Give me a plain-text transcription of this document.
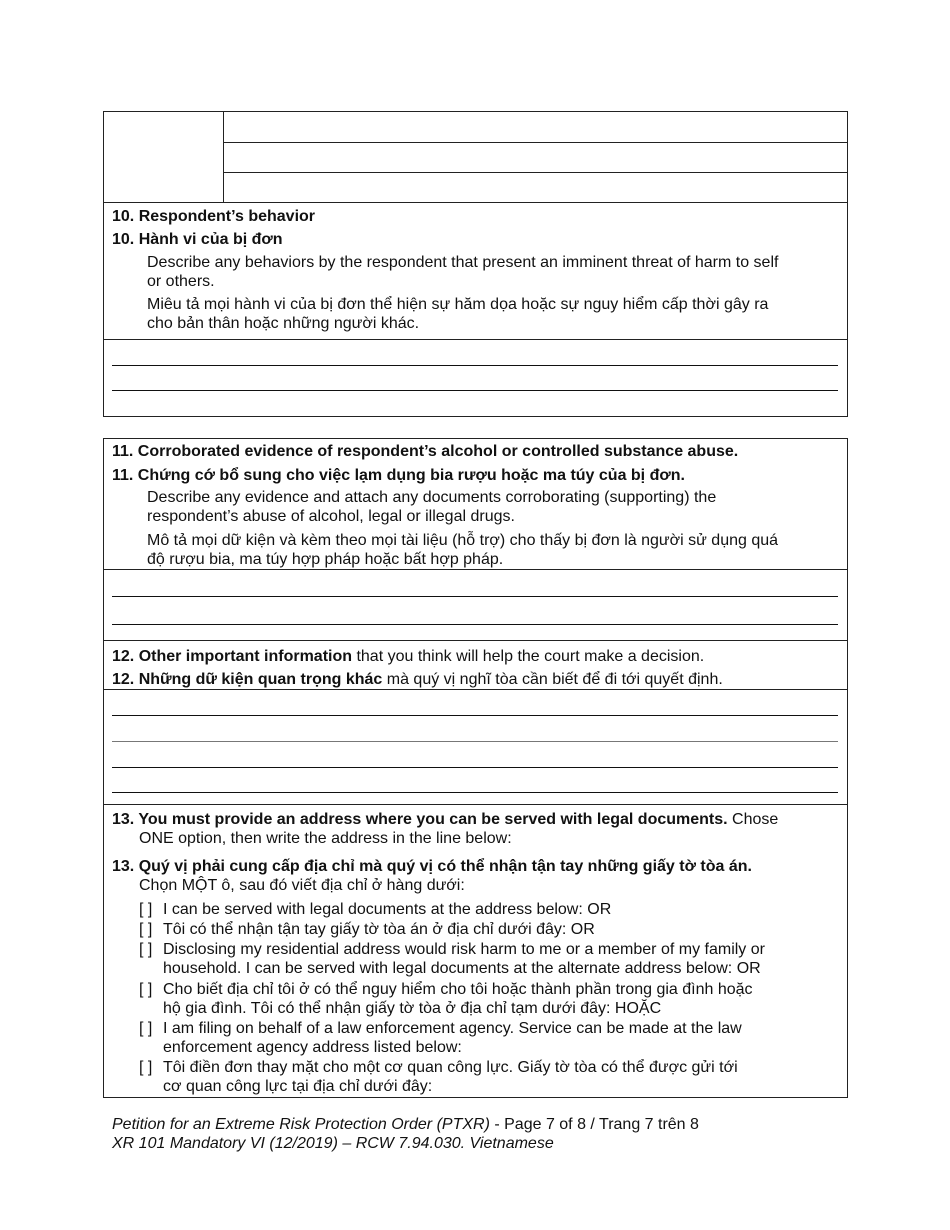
10. Respondent’s behavior
10. Hành vi của bị đơn
Describe any behaviors by the respondent that present an imminent threat of harm to self
or others.
Miêu tả mọi hành vi của bị đơn thể hiện sự hăm dọa hoặc sự nguy hiểm cấp thời gây ra
cho bản thân hoặc những người khác.
11. Corroborated evidence of respondent’s alcohol or controlled substance abuse.
11. Chứng cớ bổ sung cho việc lạm dụng bia rượu hoặc ma túy của bị đơn.
Describe any evidence and attach any documents corroborating (supporting) the
respondent’s abuse of alcohol, legal or illegal drugs.
Mô tả mọi dữ kiện và kèm theo mọi tài liệu (hỗ trợ) cho thấy bị đơn là người sử dụng quá
độ rượu bia, ma túy hợp pháp hoặc bất hợp pháp.
12. Other important information that you think will help the court make a decision.
12. Những dữ kiện quan trọng khác mà quý vị nghĩ tòa cần biết để đi tới quyết định.
13. You must provide an address where you can be served with legal documents. Chose
ONE option, then write the address in the line below:
13. Quý vị phải cung cấp địa chỉ mà quý vị có thể nhận tận tay những giấy tờ tòa án.
Chọn MỘT ô, sau đó viết địa chỉ ở hàng dưới:
[ ] I can be served with legal documents at the address below: OR
[ ] Tôi có thể nhận tận tay giấy tờ tòa án ở địa chỉ dưới đây: OR
[ ] Disclosing my residential address would risk harm to me or a member of my family or
household. I can be served with legal documents at the alternate address below: OR
[ ] Cho biết địa chỉ tôi ở có thể nguy hiểm cho tôi hoặc thành phần trong gia đình hoặc
hộ gia đình. Tôi có thể nhận giấy tờ tòa ở địa chỉ tạm dưới đây: HOẶC
[ ] I am filing on behalf of a law enforcement agency. Service can be made at the law
enforcement agency address listed below:
[ ] Tôi điền đơn thay mặt cho một cơ quan công lực. Giấy tờ tòa có thể được gửi tới
cơ quan công lực tại địa chỉ dưới đây:
Petition for an Extreme Risk Protection Order (PTXR) - Page 7 of 8 / Trang 7 trên 8
XR 101 Mandatory VI (12/2019) – RCW 7.94.030. Vietnamese
